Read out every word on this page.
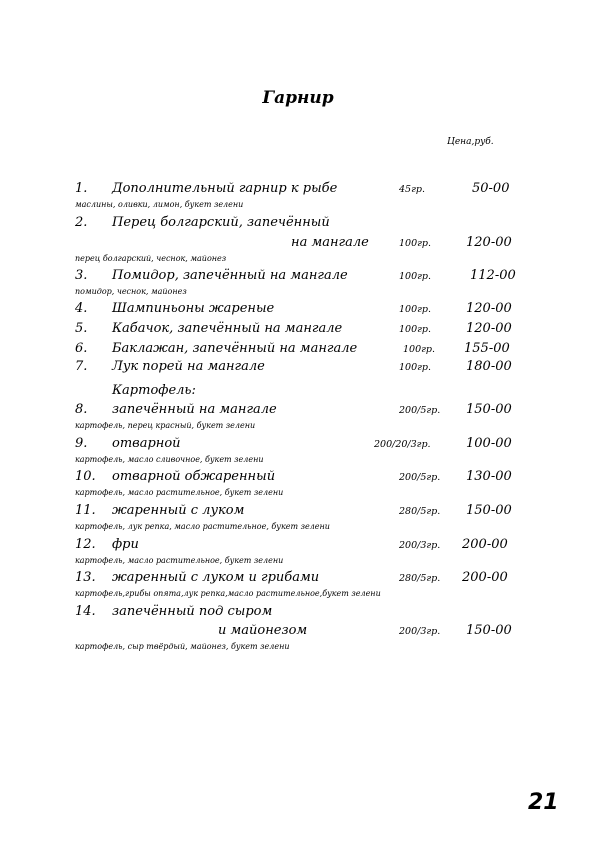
Гарнир
Цена,руб.
1. Дополнительный гарнир к рыбе	45гр.	50-00
маслины, оливки, лимон, букет зелени
2. Перец болгарский, запечённый
на мангале	100гр.	120-00
перец болгарский, чеснок, майонез
3. Помидор, запечённый на мангале	100гр.	112-00
помидор, чеснок, майонез
4. Шампиньоны жареные	100гр.	120-00
5. Кабачок, запечённый на мангале	100гр.	120-00
6. Баклажан, запечённый на мангале	100гр. 155-00
7. Лук порей на мангале	100гр.	180-00
Картофель:
8. запечённый на мангале	200/5гр. 150-00
картофель, перец красный, букет зелени
9. отварной	200/20/3гр.	100-00
картофель, масло сливочное, букет зелени
10. отварной обжаренный	200/5гр. 130-00
картофель, масло растительное, букет зелени
11. жаренный с луком	280/5гр. 150-00
картофель, лук репка, масло растительное, букет зелени
12. фри	200/3гр. 200-00
картофель, масло растительное, букет зелени
13. жаренный с луком и грибами	280/5гр. 200-00
картофель,грибы опята,лук репка,масло растительное,букет зелени
14. запечённый под сыром
и майонезом	200/3гр. 150-00
картофель, сыр твёрдый, майонез, букет зелени
21
